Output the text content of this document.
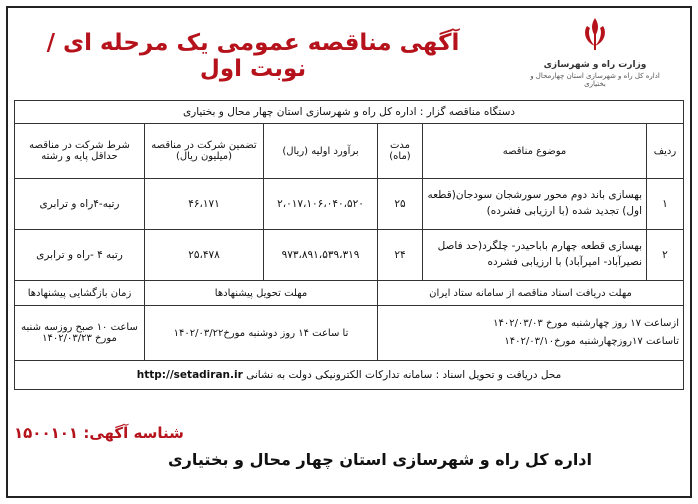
آگهی مناقصه عمومی یک مرحله ای / نوبت اول	وزارت راه و شهرسازی
اداره کل راه و شهرسازی استان چهارمحال و بختیاری
دستگاه مناقصه گزار : اداره کل راه و شهرسازی استان چهار محال و بختیاری					
ردیف	موضوع مناقصه	مدت (ماه)	برآورد اولیه (ریال)	تضمین شرکت در مناقصه (میلیون ریال)	شرط شرکت در مناقصه حداقل پایه و رشته
۱	بهسازی باند دوم محور سورشجان سودجان(قطعه اول) تجدید شده (با ارزیابی فشرده)	۲۵	۲،۰۱۷،۱۰۶،۰۴۰،۵۲۰	۴۶،۱۷۱	رتبه-۴راه و ترابری
۲	بهسازی قطعه چهارم باباحیدر- چلگرد(حد فاصل نصیرآباد- امیرآباد) با ارزیابی فشرده	۲۴	۹۷۳،۸۹۱،۵۳۹،۳۱۹	۲۵،۴۷۸	رتبه ۴ -راه و ترابری
مهلت دریافت اسناد مناقصه از سامانه ستاد ایران			مهلت تحویل پیشنهادها		زمان بازگشایی پیشنهادها

ازساعت ۱۷ روز چهارشنبه مورخ ۱۴۰۲/۰۳/۰۳
تاساعت ۱۷روزچهارشنبه مورخ۱۴۰۲/۰۳/۱۰			تا ساعت ۱۴ روز دوشنبه مورخ۱۴۰۲/۰۳/۲۲		ساعت ۱۰ صبح روزسه شنبه مورخ ۱۴۰۲/۰۳/۲۳
محل دریافت و تحویل اسناد : سامانه تدارکات الکترونیکی دولت به نشانی http://setadiran.ir					
شناسه آگهی: ۱۵۰۰۱۰۱
اداره کل راه و شهرسازی استان چهار محال و بختیاری
